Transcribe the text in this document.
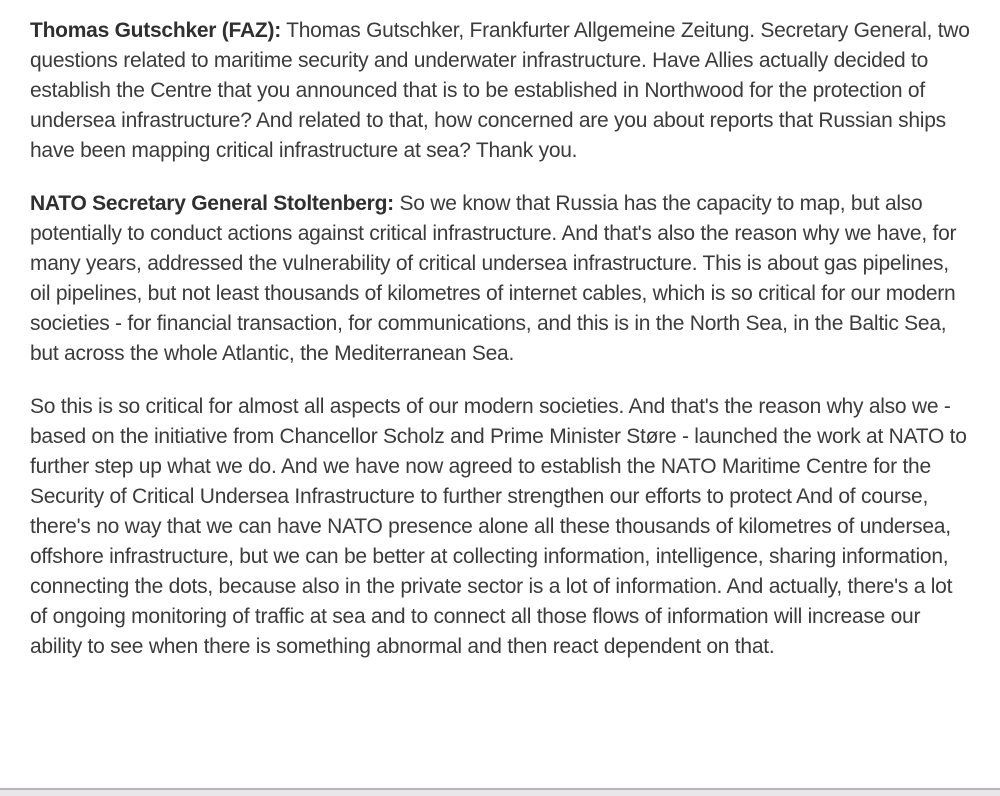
Thomas Gutschker (FAZ): Thomas Gutschker, Frankfurter Allgemeine Zeitung. Secretary General, two questions related to maritime security and underwater infrastructure. Have Allies actually decided to establish the Centre that you announced that is to be established in Northwood for the protection of undersea infrastructure? And related to that, how concerned are you about reports that Russian ships have been mapping critical infrastructure at sea? Thank you.

NATO Secretary General Stoltenberg: So we know that Russia has the capacity to map, but also potentially to conduct actions against critical infrastructure. And that's also the reason why we have, for many years, addressed the vulnerability of critical undersea infrastructure. This is about gas pipelines, oil pipelines, but not least thousands of kilometres of internet cables, which is so critical for our modern societies - for financial transaction, for communications, and this is in the North Sea, in the Baltic Sea, but across the whole Atlantic, the Mediterranean Sea.

So this is so critical for almost all aspects of our modern societies. And that's the reason why also we - based on the initiative from Chancellor Scholz and Prime Minister Støre - launched the work at NATO to further step up what we do. And we have now agreed to establish the NATO Maritime Centre for the Security of Critical Undersea Infrastructure to further strengthen our efforts to protect And of course, there's no way that we can have NATO presence alone all these thousands of kilometres of undersea, offshore infrastructure, but we can be better at collecting information, intelligence, sharing information, connecting the dots, because also in the private sector is a lot of information. And actually, there's a lot of ongoing monitoring of traffic at sea and to connect all those flows of information will increase our ability to see when there is something abnormal and then react dependent on that.
